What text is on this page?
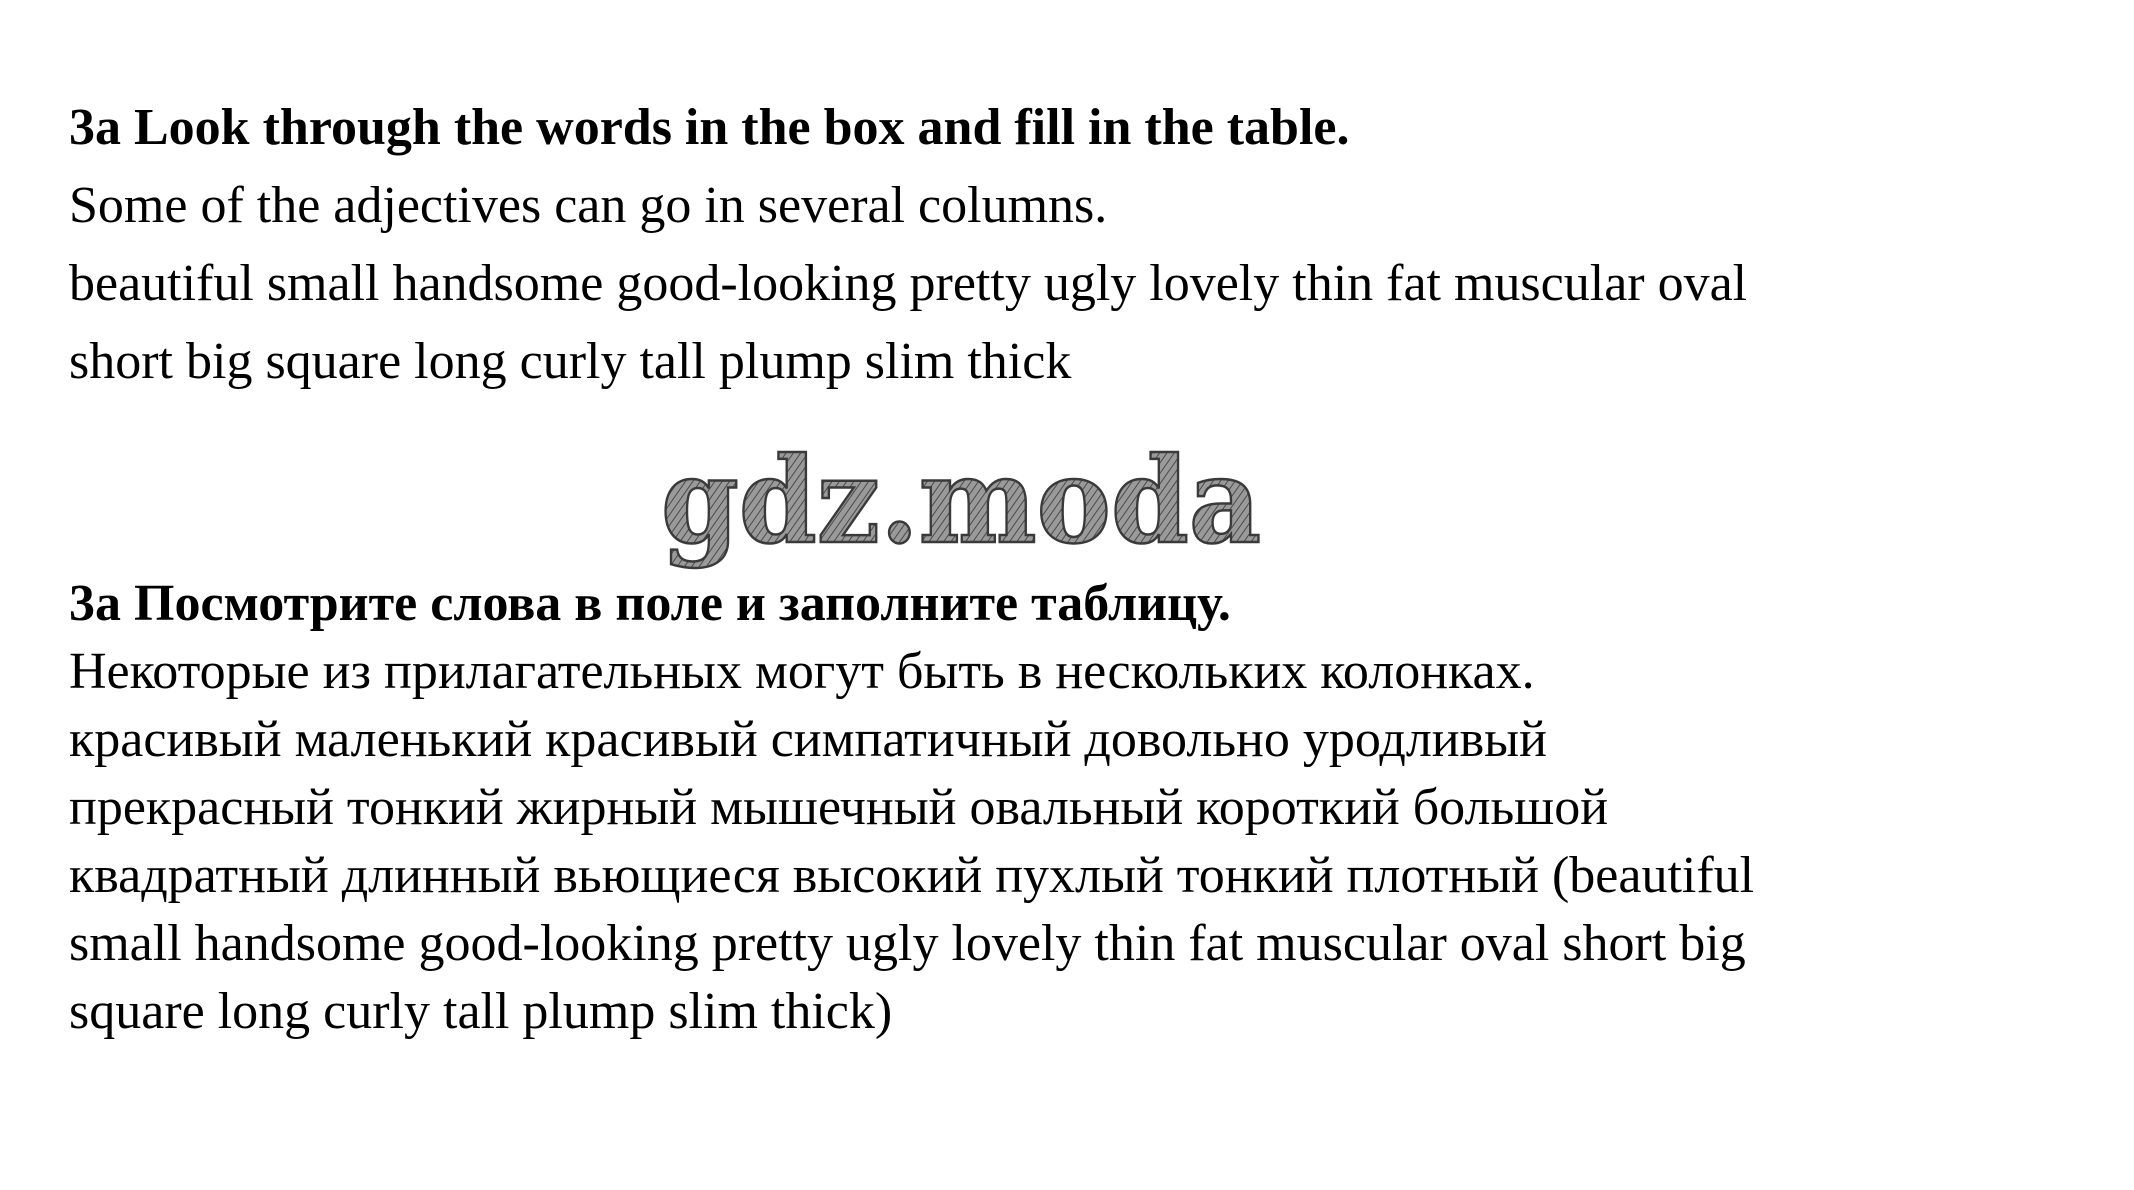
3a Look through the words in the box and fill in the table.
Some of the adjectives can go in several columns.
beautiful small handsome good-looking pretty ugly lovely thin fat muscular oval
short big square long curly tall plump slim thick
gdz.moda
3а Посмотрите слова в поле и заполните таблицу.
Некоторые из прилагательных могут быть в нескольких колонках.
красивый маленький красивый симпатичный довольно уродливый
прекрасный тонкий жирный мышечный овальный короткий большой
квадратный длинный вьющиеся высокий пухлый тонкий плотный (beautiful
small handsome good-looking pretty ugly lovely thin fat muscular oval short big
square long curly tall plump slim thick)
